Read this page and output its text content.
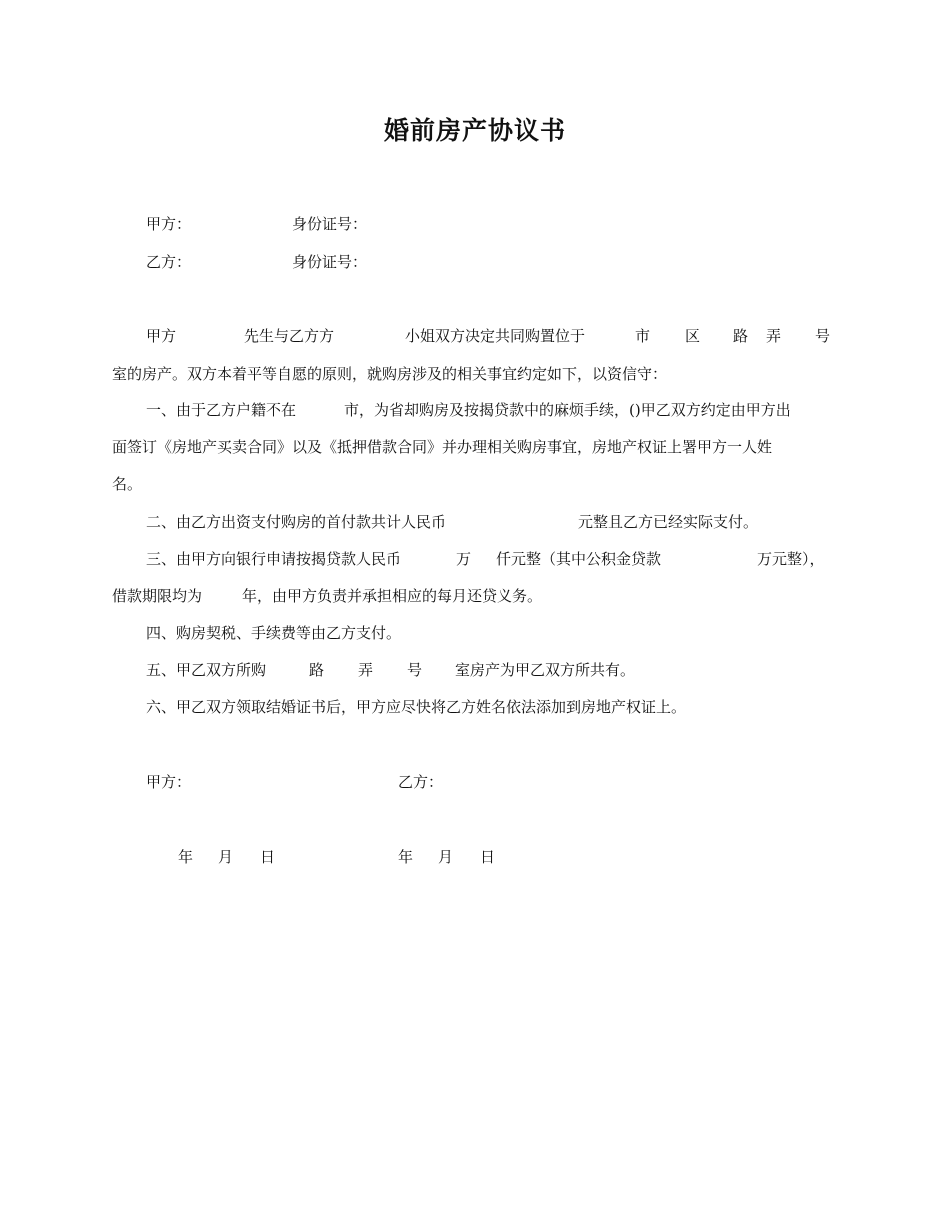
婚前房产协议书
甲方：	身份证号：
乙方：	身份证号：
甲方	先生与乙方方	小姐双方决定共同购置位于	市 区 路 弄 号
室的房产。双方本着平等自愿的原则，就购房涉及的相关事宜约定如下，以资信守：
一、由于乙方户籍不在	市，为省却购房及按揭贷款中的麻烦手续，()甲乙双方约定由甲方出
面签订《房地产买卖合同》以及《抵押借款合同》并办理相关购房事宜，房地产权证上署甲方一人姓
名。
二、由乙方出资支付购房的首付款共计人民币	元整且乙方已经实际支付。
三、由甲方向银行申请按揭贷款人民币	万 仟元整（其中公积金贷款	万元整），
借款期限均为	年，由甲方负责并承担相应的每月还贷义务。
四、购房契税、手续费等由乙方支付。
五、甲乙双方所购	路 弄 号 室房产为甲乙双方所共有。
六、甲乙双方领取结婚证书后，甲方应尽快将乙方姓名依法添加到房地产权证上。
甲方：	乙方：
年 月 日	年 月 日
